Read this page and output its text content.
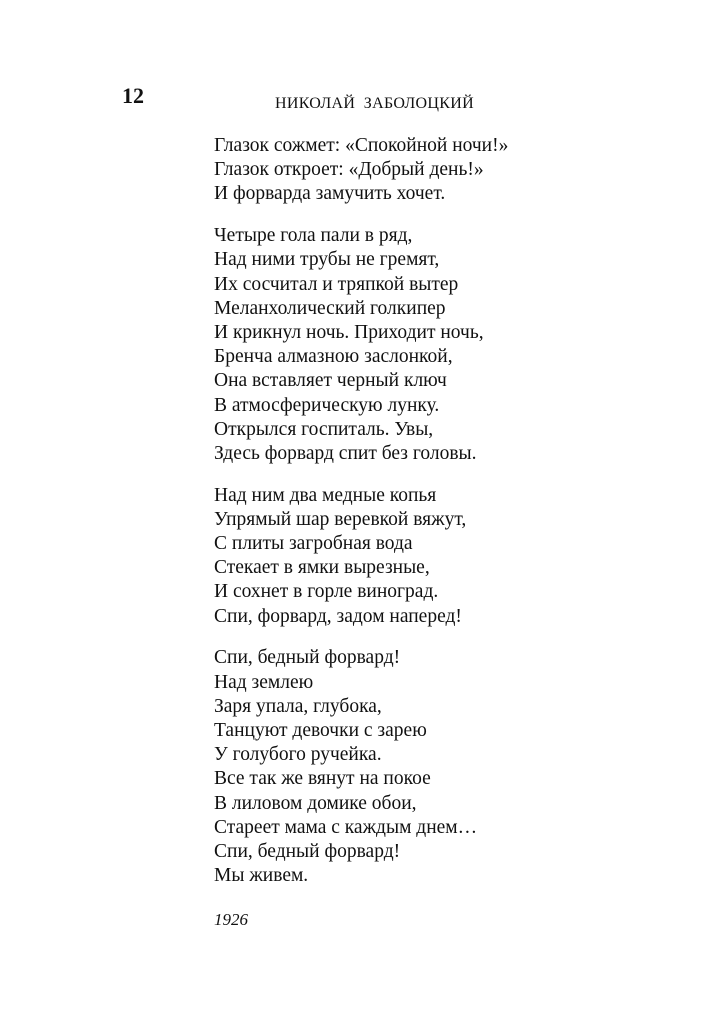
12	НИКОЛАЙ  ЗАБОЛОЦКИЙ
Глазок сожмет: «Спокойной ночи!»
Глазок откроет: «Добрый день!»
И форварда замучить хочет.
Четыре гола пали в ряд,
Над ними трубы не гремят,
Их сосчитал и тряпкой вытер
Меланхолический голкипер
И крикнул ночь. Приходит ночь,
Бренча алмазною заслонкой,
Она вставляет черный ключ
В атмосферическую лунку.
Открылся госпиталь. Увы,
Здесь форвард спит без головы.
Над ним два медные копья
Упрямый шар веревкой вяжут,
С плиты загробная вода
Стекает в ямки вырезные,
И сохнет в горле виноград.
Спи, форвард, задом наперед!
Спи, бедный форвард!
Над землею
Заря упала, глубока,
Танцуют девочки с зарею
У голубого ручейка.
Все так же вянут на покое
В лиловом домике обои,
Стареет мама с каждым днем…
Спи, бедный форвард!
Мы живем.
1926
